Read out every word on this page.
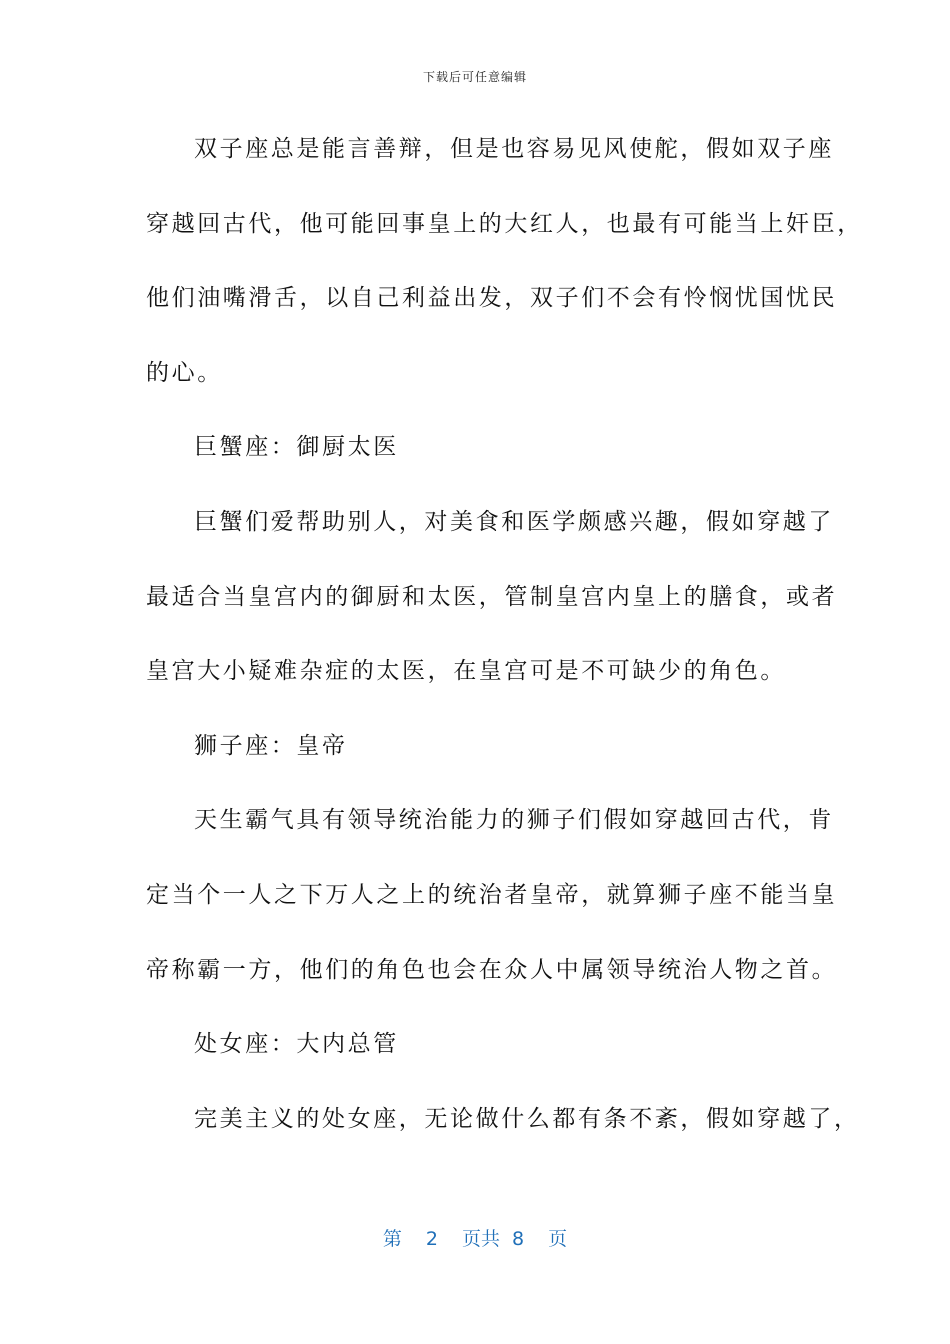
下载后可任意编辑
双子座总是能言善辩，但是也容易见风使舵，假如双子座
穿越回古代，他可能回事皇上的大红人，也最有可能当上奸臣，
他们油嘴滑舌，以自己利益出发，双子们不会有怜悯忧国忧民
的心。
巨蟹座：御厨太医
巨蟹们爱帮助别人，对美食和医学颇感兴趣，假如穿越了
最适合当皇宫内的御厨和太医，管制皇宫内皇上的膳食，或者
皇宫大小疑难杂症的太医，在皇宫可是不可缺少的角色。
狮子座：皇帝
天生霸气具有领导统治能力的狮子们假如穿越回古代，肯
定当个一人之下万人之上的统治者皇帝，就算狮子座不能当皇
帝称霸一方，他们的角色也会在众人中属领导统治人物之首。
处女座：大内总管
完美主义的处女座，无论做什么都有条不紊，假如穿越了，
第 2 页共 8 页
